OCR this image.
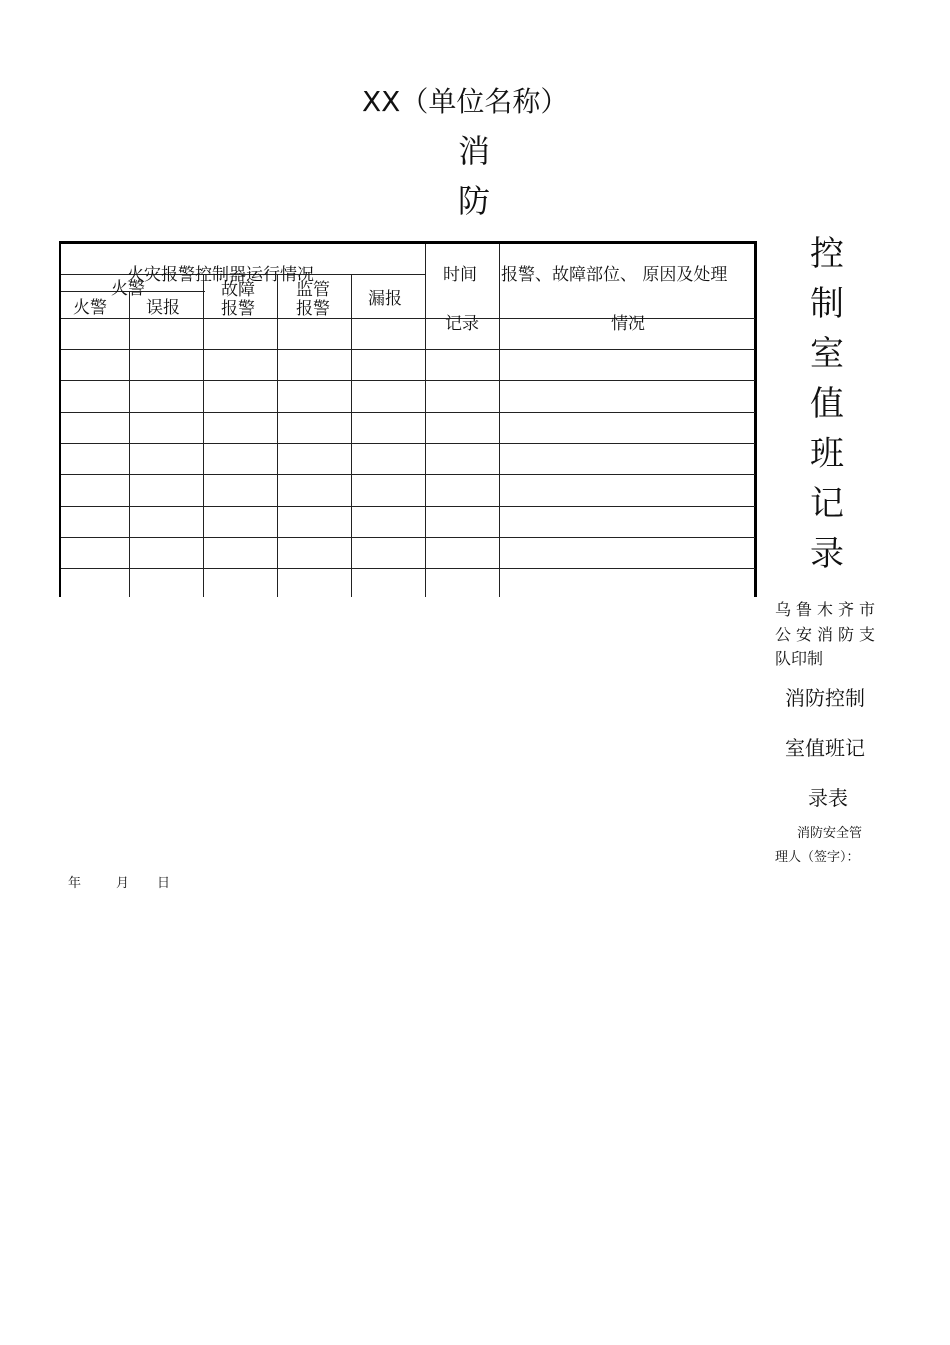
XX（单位名称）
消
防
火灾报警控制器运行情况
火警
火警 误报
故障
报警
监管
报警 漏报
时间
记录
报警、故障部位、 原因及处理
情况
控
制
室
值
班
记
录
乌鲁木齐市
公安消防支
队印制
消防控制
室值班记
录表
消防安全管
理人（签字）：
年	月 日
